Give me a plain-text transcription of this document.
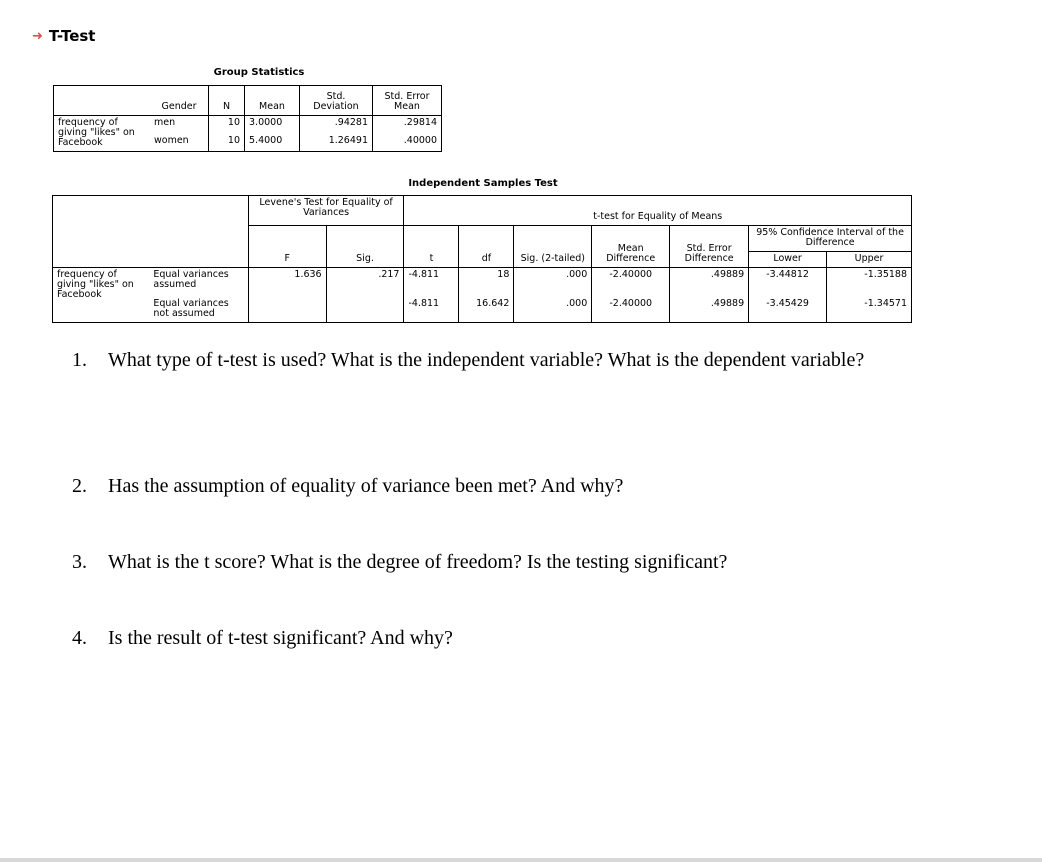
➜ T-Test
Group Statistics
	Gender	N	Mean	Std. Deviation	Std. Error Mean
frequency of giving "likes" on Facebook	men	10	3.0000	.94281	.29814
	women	10	5.4000	1.26491	.40000
Independent Samples Test
		Levene's Test for Equality of Variances		t-test for Equality of Means						
		F	Sig.	t	df	Sig. (2-tailed)	Mean Difference	Std. Error Difference	95% Confidence Interval of the Difference	
									Lower	Upper
frequency of giving "likes" on Facebook	Equal variances assumed	1.636	.217	-4.811	18	.000	-2.40000	.49889	-3.44812	-1.35188
	Equal variances not assumed			-4.811	16.642	.000	-2.40000	.49889	-3.45429	-1.34571
1.	What type of t-test is used? What is the independent variable? What is the dependent variable?
2.	Has the assumption of equality of variance been met? And why?
3.	What is the t score? What is the degree of freedom? Is the testing significant?
4.	Is the result of t-test significant? And why?
